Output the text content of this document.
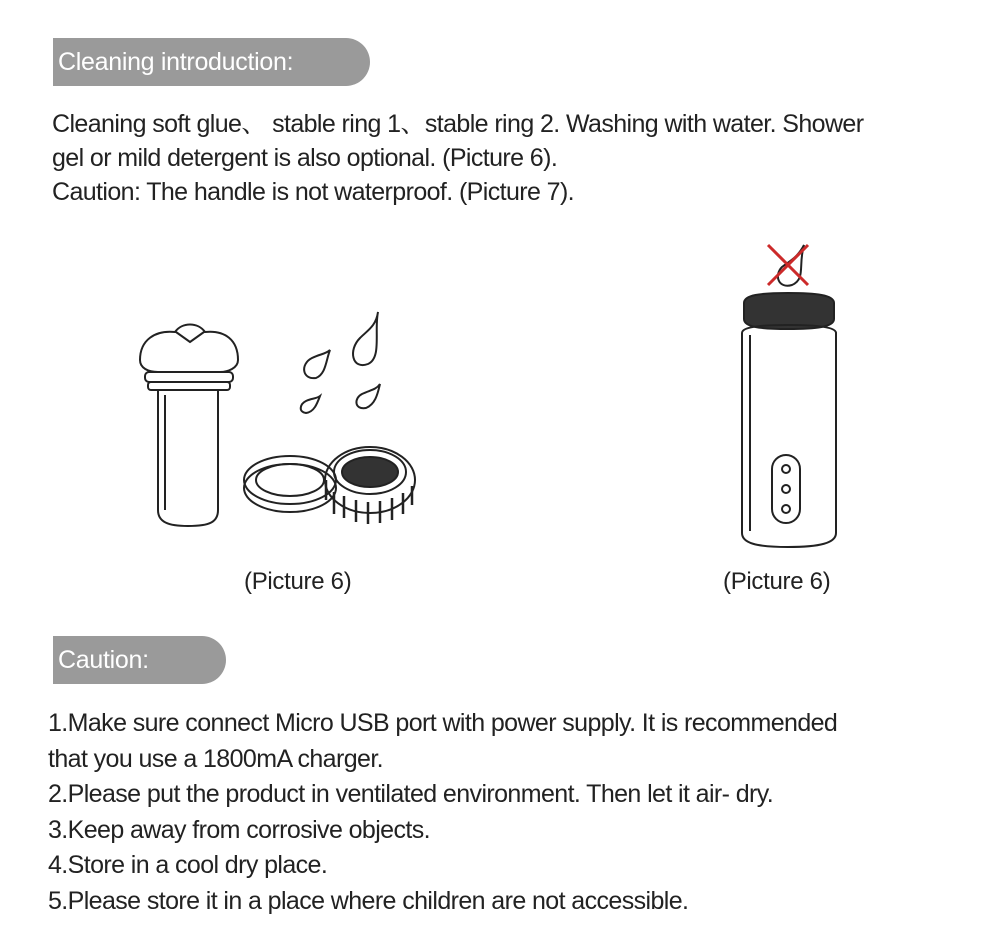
Cleaning introduction:
Cleaning soft glue、 stable ring 1、stable ring 2. Washing with water. Shower
gel or mild detergent is also optional. (Picture 6).
Caution: The handle is not waterproof. (Picture 7).
(Picture 6)	(Picture 6)
Caution:
1.Make sure connect Micro USB port with power supply. It is recommended
that you use a 1800mA charger.
2.Please put the product in ventilated environment. Then let it air- dry.
3.Keep away from corrosive objects.
4.Store in a cool dry place.
5.Please store it in a place where children are not accessible.
